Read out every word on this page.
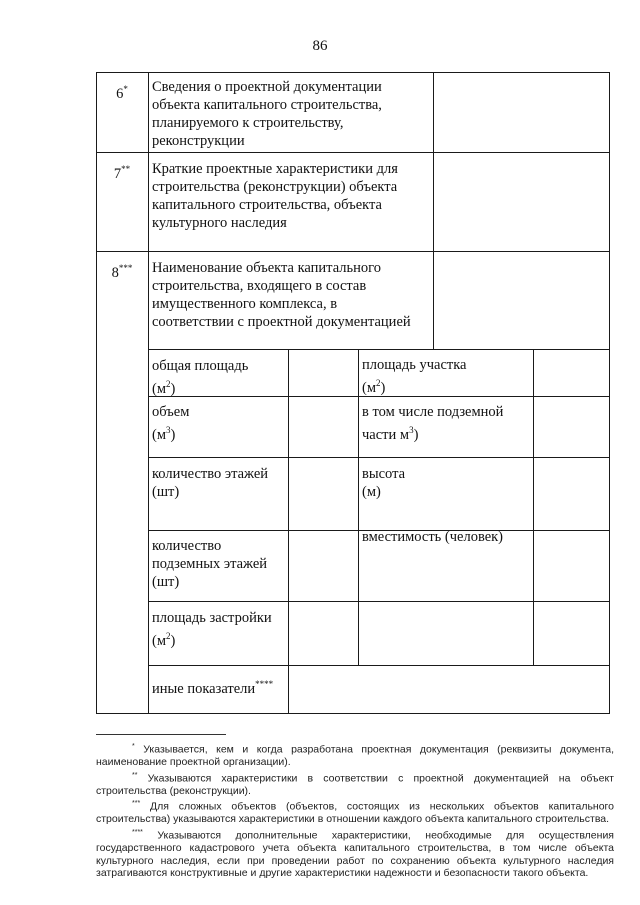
86
6*
7**
8***
Сведения о проектной документации
объекта капитального строительства,
планируемого к строительству,
реконструкции
Краткие проектные характеристики для
строительства (реконструкции) объекта
капитального строительства, объекта
культурного наследия
Наименование объекта капитального
строительства, входящего в состав
имущественного комплекса, в
соответствии с проектной документацией
общая площадь
$(м^2)$
площадь участка
$(м^2)$
объем
$(м^3)$
в том числе подземной
части $м^3$)
количество этажей
(шт)
высота
(м)
количество
подземных этажей
(шт)
вместимость (человек)
площадь застройки
$(м^2)$
иные показатели****

* Указывается, кем и когда разработана проектная документация (реквизиты документа, наименование проектной организации).

** Указываются характеристики в соответствии с проектной документацией на объект строительства (реконструкции).

*** Для сложных объектов (объектов, состоящих из нескольких объектов капитального строительства) указываются характеристики в отношении каждого объекта капитального строительства.

**** Указываются дополнительные характеристики, необходимые для осуществления государственного кадастрового учета объекта капитального строительства, в том числе объекта культурного наследия, если при проведении работ по сохранению объекта культурного наследия затрагиваются конструктивные и другие характеристики надежности и безопасности такого объекта.
